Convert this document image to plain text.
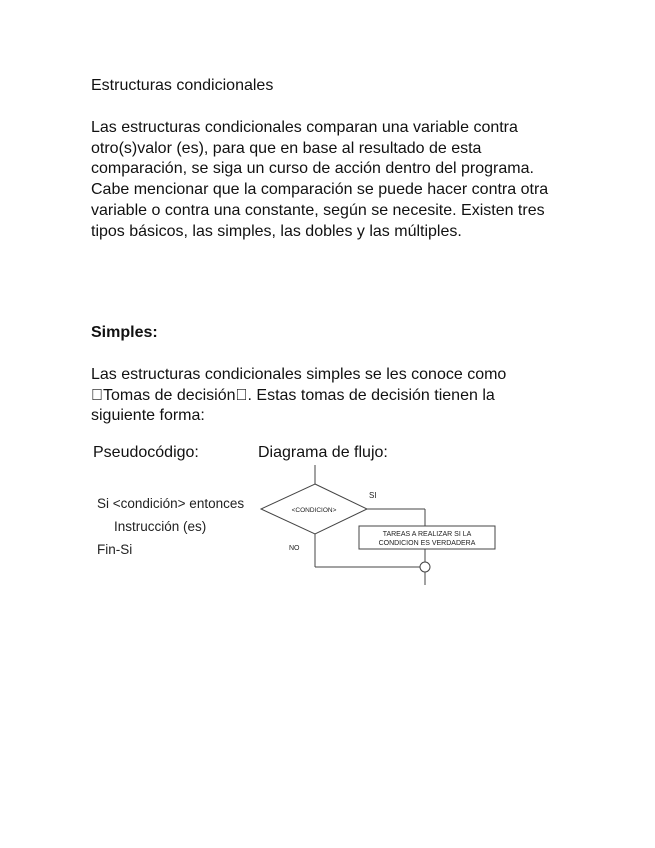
Estructuras condicionales
Las estructuras condicionales comparan una variable contra otro(s)valor (es), para que en base al resultado de esta comparación, se siga un curso de acción dentro del programa. Cabe mencionar que la comparación se puede hacer contra otra variable o contra una constante, según se necesite. Existen tres tipos básicos, las simples, las dobles y las múltiples.
Simples:
Las estructuras condicionales simples se les conoce como  Tomas de decisión . Estas tomas de decisión tienen la siguiente forma:
Pseudocódigo:	Diagrama de flujo:
Si <condición> entonces
Instrucción (es)
Fin-Si
<CONDICION>
SI
TAREAS A REALIZAR SI LA
CONDICION ES VERDADERA
NO
